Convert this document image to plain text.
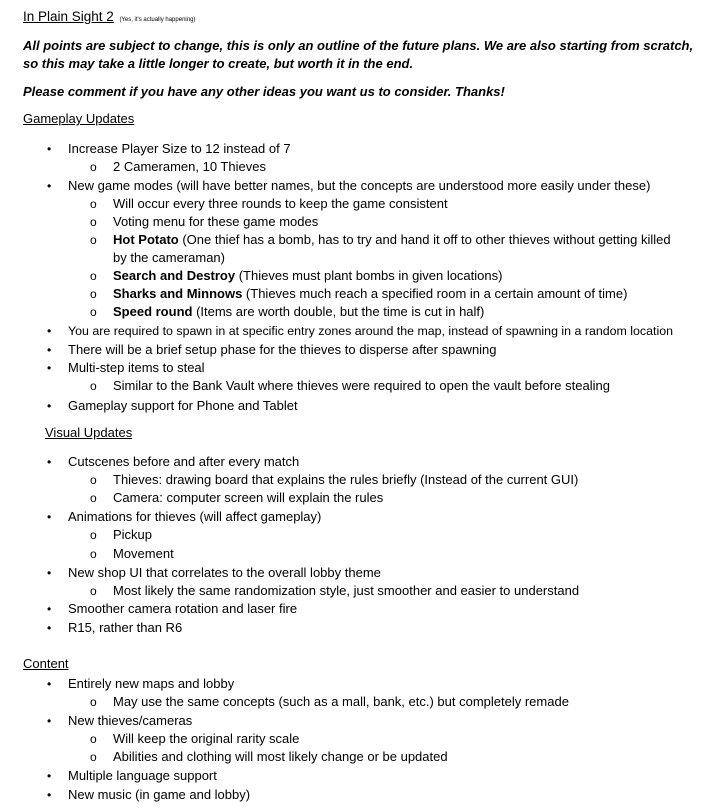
In Plain Sight 2 (Yes, it's actually happening)
All points are subject to change, this is only an outline of the future plans. We are also starting from scratch, so this may take a little longer to create, but worth it in the end.
Please comment if you have any other ideas you want us to consider. Thanks!
Gameplay Updates
• Increase Player Size to 12 instead of 7
o 2 Cameramen, 10 Thieves
• New game modes (will have better names, but the concepts are understood more easily under these)
o Will occur every three rounds to keep the game consistent
o Voting menu for these game modes
o Hot Potato (One thief has a bomb, has to try and hand it off to other thieves without getting killed by the cameraman)
o Search and Destroy (Thieves must plant bombs in given locations)
o Sharks and Minnows (Thieves much reach a specified room in a certain amount of time)
o Speed round (Items are worth double, but the time is cut in half)
• You are required to spawn in at specific entry zones around the map, instead of spawning in a random location
• There will be a brief setup phase for the thieves to disperse after spawning
• Multi-step items to steal
o Similar to the Bank Vault where thieves were required to open the vault before stealing
• Gameplay support for Phone and Tablet
Visual Updates
• Cutscenes before and after every match
o Thieves: drawing board that explains the rules briefly (Instead of the current GUI)
o Camera: computer screen will explain the rules
• Animations for thieves (will affect gameplay)
o Pickup
o Movement
• New shop UI that correlates to the overall lobby theme
o Most likely the same randomization style, just smoother and easier to understand
• Smoother camera rotation and laser fire
• R15, rather than R6
Content
• Entirely new maps and lobby
o May use the same concepts (such as a mall, bank, etc.) but completely remade
• New thieves/cameras
o Will keep the original rarity scale
o Abilities and clothing will most likely change or be updated
• Multiple language support
• New music (in game and lobby)
